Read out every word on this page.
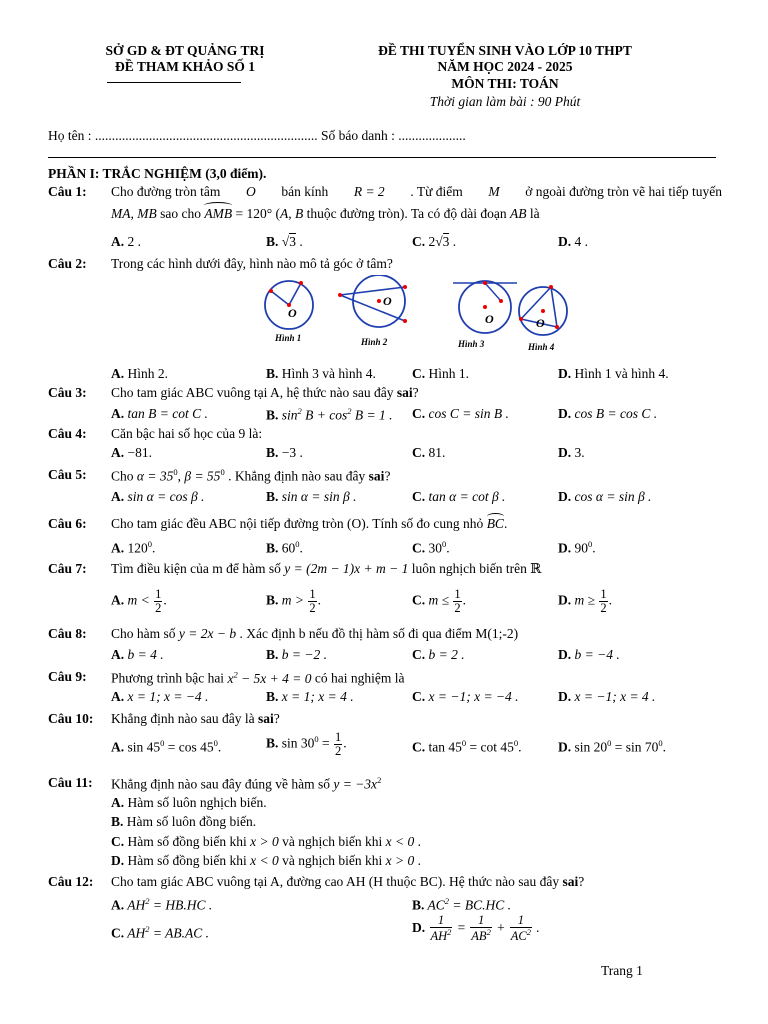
SỞ GD & ĐT QUẢNG TRỊ
ĐỀ THAM KHẢO SỐ 1
ĐỀ THI TUYỂN SINH VÀO LỚP 10 THPT
NĂM HỌC 2024 - 2025
MÔN THI: TOÁN
Thời gian làm bài : 90 Phút
Họ tên : .................................................................. Số báo danh : ....................
PHẦN I: TRẮC NGHIỆM (3,0 điểm).
Câu 1: Cho đường tròn tâm O bán kính R = 2 . Từ điểm M ở ngoài đường tròn vẽ hai tiếp tuyến
MA, MB sao cho AMB = 120° (A, B thuộc đường tròn). Ta có độ dài đoạn AB là
A. 2 .	B. √3 .	C. 2√3 .	D. 4 .
Câu 2: Trong các hình dưới đây, hình nào mô tả góc ở tâm?
O
O
O	O
Hình 1	Hình 2	Hình 3	Hình 4
A. Hình 2.	B. Hình 3 và hình 4.	C. Hình 1.	D. Hình 1 và hình 4.
Câu 3: Cho tam giác ABC vuông tại A, hệ thức nào sau đây sai?
A. tan B = cot C .	B. $\sin^2 B + \cos^2 B = 1$ . C. cos C = sin B .	D. cos B = cos C .
Câu 4: Căn bậc hai số học của 9 là:
A. −81.	B. −3 .	C. 81.	D. 3.
Câu 5: Cho $\alpha = 35^0$, $\beta = 55^0$ . Khẳng định nào sau đây sai?
A. sin α = cos β .	B. sin α = sin β .	C. tan α = cot β .	D. cos α = sin β .
Câu 6: Cho tam giác đều ABC nội tiếp đường tròn (O). Tính số đo cung nhỏ BC.
A. $120^0$.	B. $60^0$.	C. $30^0$.	D. $90^0$.
Câu 7: Tìm điều kiện của m để hàm số y = (2m − 1)x + m − 1 luôn nghịch biến trên ℝ
A. $m < \frac{1}{2}$ .	B. $m > \frac{1}{2}$ .	C. $m \le \frac{1}{2}$ .	D. $m \ge \frac{1}{2}$ .
Câu 8: Cho hàm số y = 2x − b . Xác định b nếu đồ thị hàm số đi qua điểm M(1;-2)
A. b = 4 .	B. b = −2 .	C. b = 2 .	D. b = −4 .
Câu 9: Phương trình bậc hai $x^2 - 5x + 4 = 0$ có hai nghiệm là
A. x = 1; x = −4 .	B. x = 1; x = 4 .	C. x = −1; x = −4 .	D. x = −1; x = 4 .
Câu 10: Khẳng định nào sau đây là sai?
A. $\sin 45^0 = \cos 45^0$.	B. $\sin 30^0 = \frac{1}{2}$ .	C. $\tan 45^0 = \cot 45^0$.	D. $\sin 20^0 = \sin 70^0$.
Câu 11: Khẳng định nào sau đây đúng về hàm số $y = -3x^2$
A. Hàm số luôn nghịch biến.
B. Hàm số luôn đồng biến.
C. Hàm số đồng biến khi x > 0 và nghịch biến khi x < 0 .
D. Hàm số đồng biến khi x < 0 và nghịch biến khi x > 0 .
Câu 12: Cho tam giác ABC vuông tại A, đường cao AH (H thuộc BC). Hệ thức nào sau đây sai?
A. $AH^2 = HB.HC$ .	B. $AC^2 = BC.HC$ .
C. $AH^2 = AB.AC$ .	D. $\frac{1}{AH^2} = \frac{1}{AB^2} + \frac{1}{AC^2}$ .
Trang 1
